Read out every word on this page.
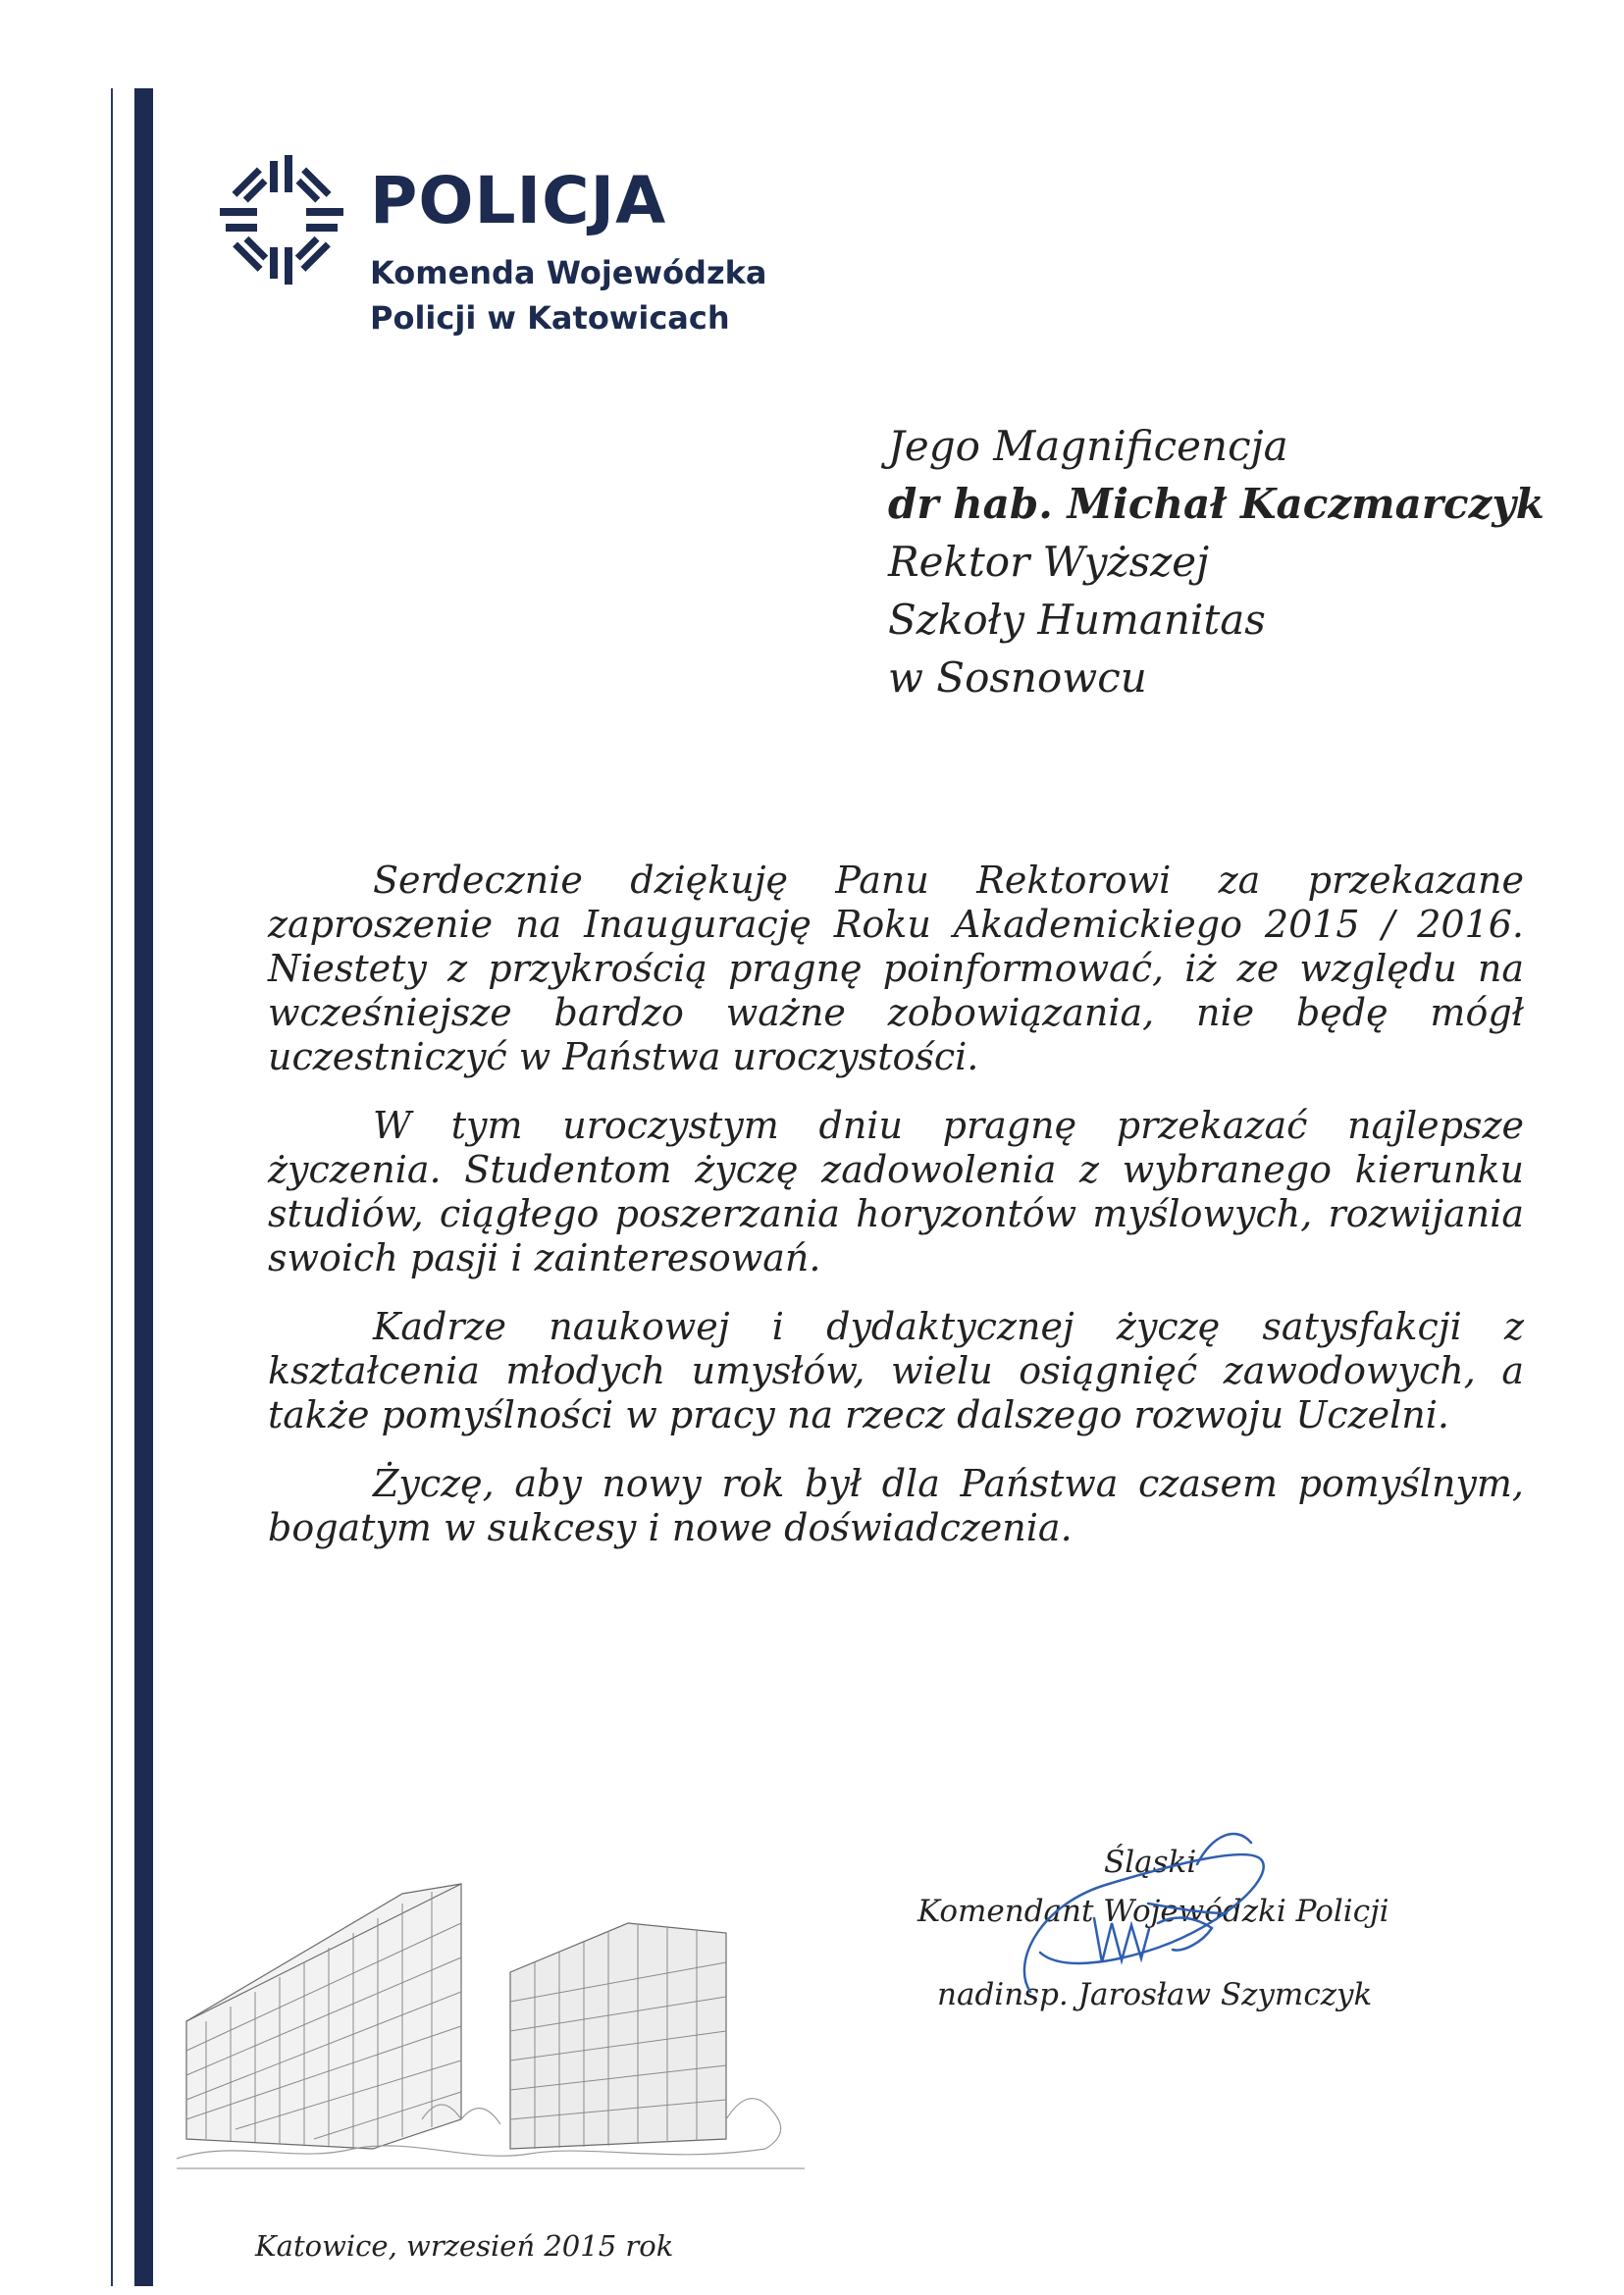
POLICJA
Komenda Wojewódzka
Policji w Katowicach
Jego Magnificencja
dr hab. Michał Kaczmarczyk
Rektor Wyższej
Szkoły Humanitas
w Sosnowcu

Serdecznie dziękuję Panu Rektorowi za przekazane zaproszenie na Inaugurację Roku Akademickiego 2015 / 2016. Niestety z przykrością pragnę poinformować, iż ze względu na wcześniejsze bardzo ważne zobowiązania, nie będę mógł uczestniczyć w Państwa uroczystości.

W tym uroczystym dniu pragnę przekazać najlepsze życzenia. Studentom życzę zadowolenia z wybranego kierunku studiów, ciągłego poszerzania horyzontów myślowych, rozwijania swoich pasji i zainteresowań.

Kadrze naukowej i dydaktycznej życzę satysfakcji z kształcenia młodych umysłów, wielu osiągnięć zawodowych, a także pomyślności w pracy na rzecz dalszego rozwoju Uczelni.

Życzę, aby nowy rok był dla Państwa czasem pomyślnym, bogatym w sukcesy i nowe doświadczenia.

Śląski
Komendant Wojewódzki Policji
nadinsp. Jarosław Szymczyk
Katowice, wrzesień 2015 rok
